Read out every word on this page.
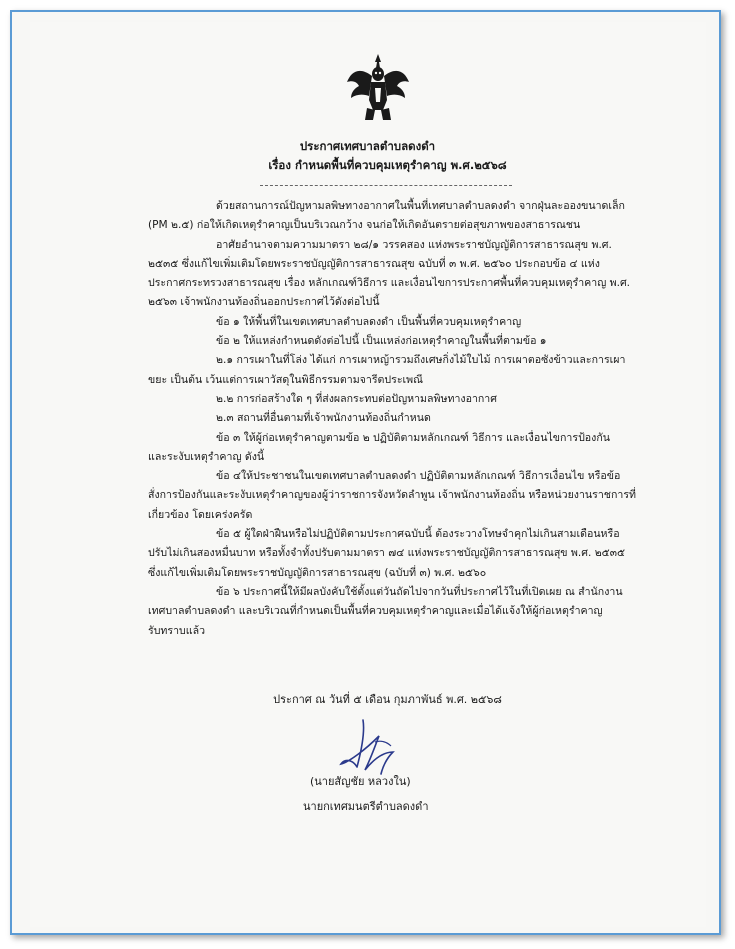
ประกาศเทศบาลตำบลดงดำ
เรื่อง กำหนดพื้นที่ควบคุมเหตุรำคาญ พ.ศ.๒๕๖๘
ด้วยสถานการณ์ปัญหามลพิษทางอากาศในพื้นที่เทศบาลตำบลดงดำ จากฝุ่นละอองขนาดเล็ก
(PM ๒.๕) ก่อให้เกิดเหตุรำคาญเป็นบริเวณกว้าง จนก่อให้เกิดอันตรายต่อสุขภาพของสาธารณชน
อาศัยอำนาจตามความมาตรา ๒๘/๑ วรรคสอง แห่งพระราชบัญญัติการสาธารณสุข พ.ศ.
๒๕๓๕ ซึ่งแก้ไขเพิ่มเติมโดยพระราชบัญญัติการสาธารณสุข ฉบับที่ ๓ พ.ศ. ๒๕๖๐ ประกอบข้อ ๔ แห่ง
ประกาศกระทรวงสาธารณสุข เรื่อง หลักเกณฑ์วิธีการ และเงื่อนไขการประกาศพื้นที่ควบคุมเหตุรำคาญ พ.ศ.
๒๕๖๓ เจ้าพนักงานท้องถิ่นออกประกาศไว้ดังต่อไปนี้
ข้อ ๑ ให้พื้นที่ในเขตเทศบาลตำบลดงดำ เป็นพื้นที่ควบคุมเหตุรำคาญ
ข้อ ๒ ให้แหล่งกำหนดดังต่อไปนี้ เป็นแหล่งก่อเหตุรำคาญในพื้นที่ตามข้อ ๑
๒.๑ การเผาในที่โล่ง ได้แก่ การเผาหญ้ารวมถึงเศษกิ่งไม้ใบไม้ การเผาตอซังข้าวและการเผา
ขยะ เป็นต้น เว้นแต่การเผาวัสดุในพิธีกรรมตามจารีตประเพณี
๒.๒ การก่อสร้างใด ๆ ที่ส่งผลกระทบต่อปัญหามลพิษทางอากาศ
๒.๓ สถานที่อื่นตามที่เจ้าพนักงานท้องถิ่นกำหนด
ข้อ ๓ ให้ผู้ก่อเหตุรำคาญตามข้อ ๒ ปฏิบัติตามหลักเกณฑ์ วิธีการ และเงื่อนไขการป้องกัน
และระงับเหตุรำคาญ ดังนี้
ข้อ ๔ให้ประชาชนในเขตเทศบาลตำบลดงดำ ปฏิบัติตามหลักเกณฑ์ วิธีการเงื่อนไข หรือข้อ
สั่งการป้องกันและระงับเหตุรำคาญของผู้ว่าราชการจังหวัดลำพูน เจ้าพนักงานท้องถิ่น หรือหน่วยงานราชการที่
เกี่ยวข้อง โดยเคร่งครัด
ข้อ ๕ ผู้ใดฝ่าฝืนหรือไม่ปฏิบัติตามประกาศฉบับนี้ ต้องระวางโทษจำคุกไม่เกินสามเดือนหรือ
ปรับไม่เกินสองหมื่นบาท หรือทั้งจำทั้งปรับตามมาตรา ๗๔ แห่งพระราชบัญญัติการสาธารณสุข พ.ศ. ๒๕๓๕
ซึ่งแก้ไขเพิ่มเติมโดยพระราชบัญญัติการสาธารณสุข (ฉบับที่ ๓) พ.ศ. ๒๕๖๐
ข้อ ๖ ประกาศนี้ให้มีผลบังคับใช้ตั้งแต่วันถัดไปจากวันที่ประกาศไว้ในที่เปิดเผย ณ สำนักงาน
เทศบาลตำบลดงดำ และบริเวณที่กำหนดเป็นพื้นที่ควบคุมเหตุรำคาญและเมื่อได้แจ้งให้ผู้ก่อเหตุรำคาญ
รับทราบแล้ว
ประกาศ ณ วันที่ ๕ เดือน กุมภาพันธ์ พ.ศ. ๒๕๖๘
(นายสัญชัย หลวงใน)
นายกเทศมนตรีตำบลดงดำ
